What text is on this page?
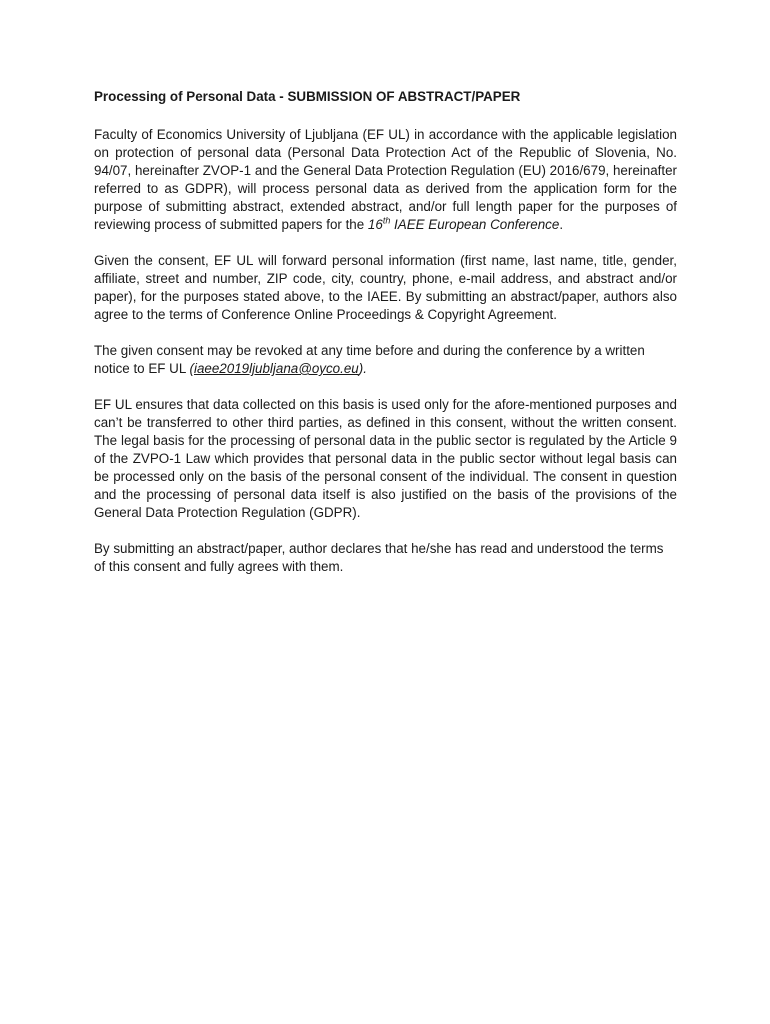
Processing of Personal Data - SUBMISSION OF ABSTRACT/PAPER

Faculty of Economics University of Ljubljana (EF UL) in accordance with the applicable legislation on protection of personal data (Personal Data Protection Act of the Republic of Slovenia, No. 94/07, hereinafter ZVOP-1 and the General Data Protection Regulation (EU) 2016/679, hereinafter referred to as GDPR), will process personal data as derived from the application form for the purpose of submitting abstract, extended abstract, and/or full length paper for the purposes of reviewing process of submitted papers for the 16th IAEE European Conference.

Given the consent, EF UL will forward personal information (first name, last name, title, gender, affiliate, street and number, ZIP code, city, country, phone, e-mail address, and abstract and/or paper), for the purposes stated above, to the IAEE. By submitting an abstract/paper, authors also agree to the terms of Conference Online Proceedings & Copyright Agreement.

The given consent may be revoked at any time before and during the conference by a written notice to EF UL (iaee2019ljubljana@oyco.eu).

EF UL ensures that data collected on this basis is used only for the afore-mentioned purposes and can’t be transferred to other third parties, as defined in this consent, without the written consent. The legal basis for the processing of personal data in the public sector is regulated by the Article 9 of the ZVPO-1 Law which provides that personal data in the public sector without legal basis can be processed only on the basis of the personal consent of the individual. The consent in question and the processing of personal data itself is also justified on the basis of the provisions of the General Data Protection Regulation (GDPR).

By submitting an abstract/paper, author declares that he/she has read and understood the terms of this consent and fully agrees with them.
